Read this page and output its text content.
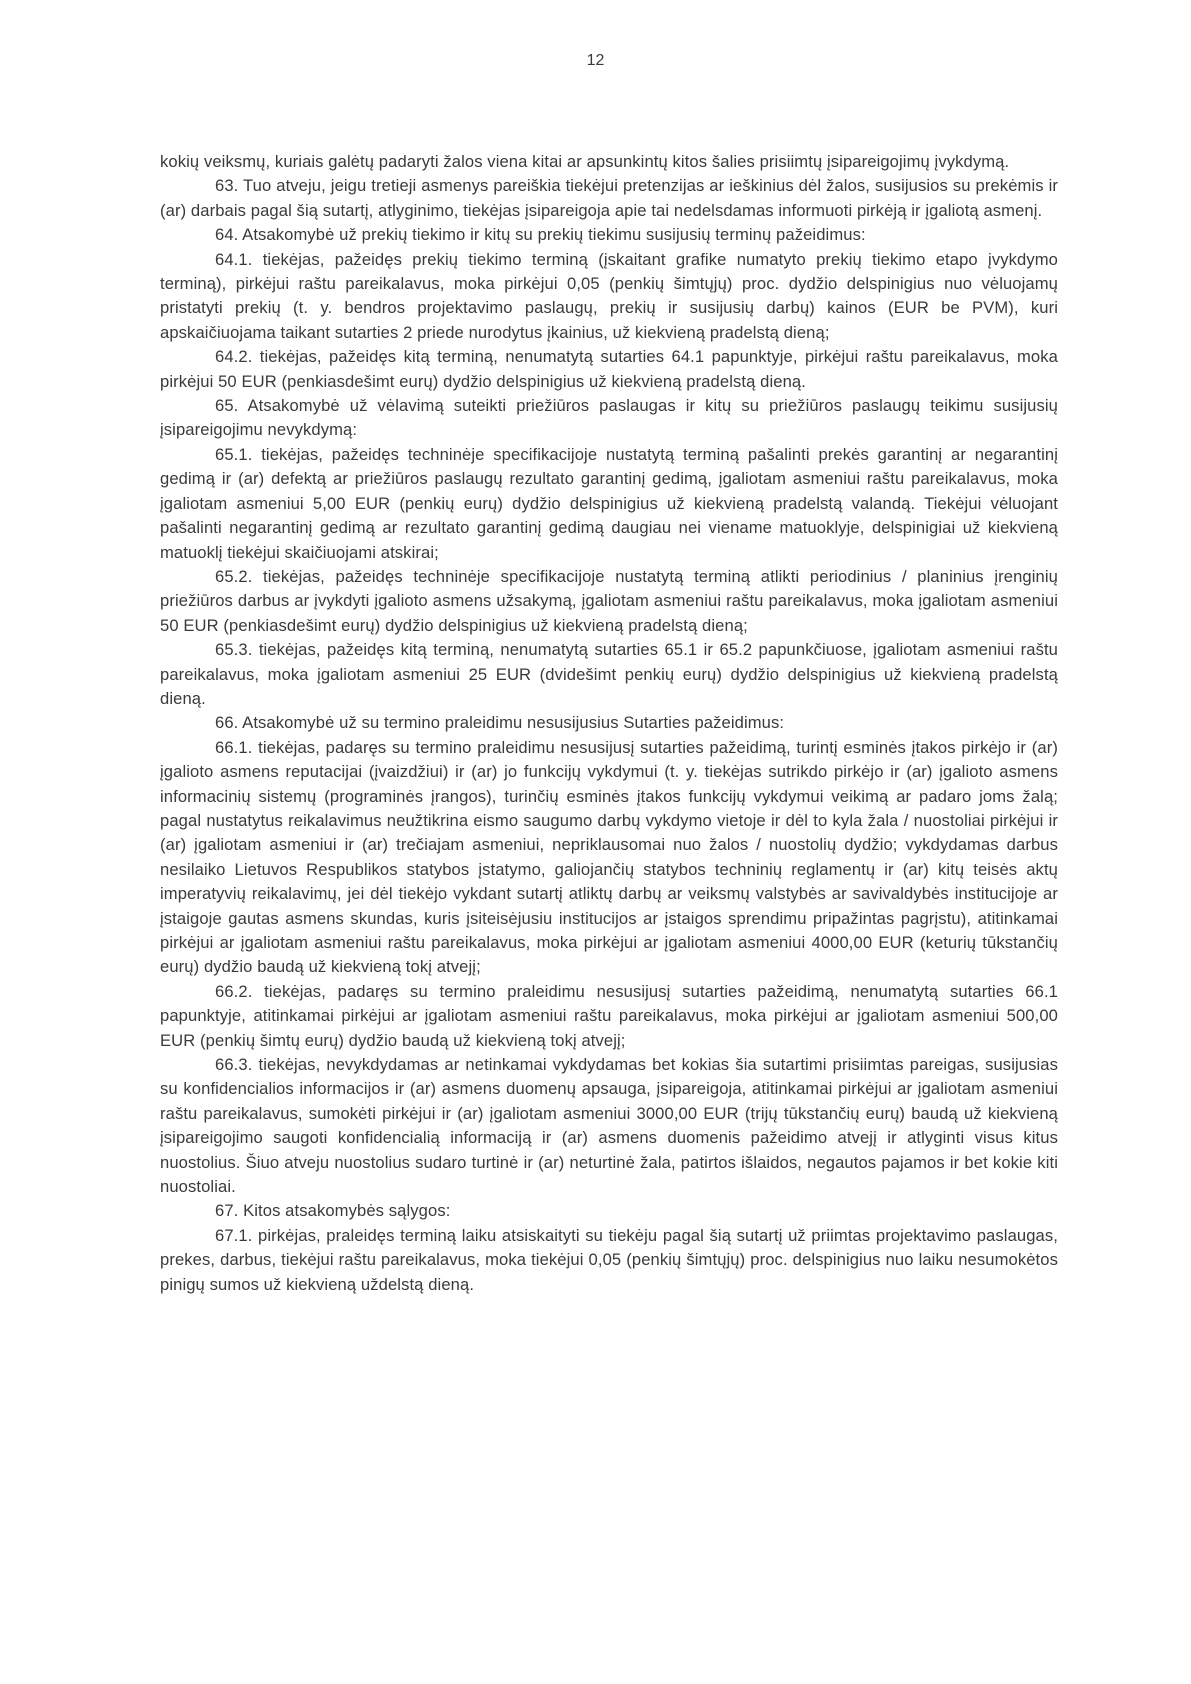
12

kokių veiksmų, kuriais galėtų padaryti žalos viena kitai ar apsunkintų kitos šalies prisiimtų įsipareigojimų įvykdymą.

63. Tuo atveju, jeigu tretieji asmenys pareiškia tiekėjui pretenzijas ar ieškinius dėl žalos, susijusios su prekėmis ir (ar) darbais pagal šią sutartį, atlyginimo, tiekėjas įsipareigoja apie tai nedelsdamas informuoti pirkėją ir įgaliotą asmenį.

64. Atsakomybė už prekių tiekimo ir kitų su prekių tiekimu susijusių terminų pažeidimus:

64.1. tiekėjas, pažeidęs prekių tiekimo terminą (įskaitant grafike numatyto prekių tiekimo etapo įvykdymo terminą), pirkėjui raštu pareikalavus, moka pirkėjui 0,05 (penkių šimtųjų) proc. dydžio delspinigius nuo vėluojamų pristatyti prekių (t. y. bendros projektavimo paslaugų, prekių ir susijusių darbų) kainos (EUR be PVM), kuri apskaičiuojama taikant sutarties 2 priede nurodytus įkainius, už kiekvieną pradelstą dieną;

64.2. tiekėjas, pažeidęs kitą terminą, nenumatytą sutarties 64.1 papunktyje, pirkėjui raštu pareikalavus, moka pirkėjui 50 EUR (penkiasdešimt eurų) dydžio delspinigius už kiekvieną pradelstą dieną.

65. Atsakomybė už vėlavimą suteikti priežiūros paslaugas ir kitų su priežiūros paslaugų teikimu susijusių įsipareigojimu nevykdymą:

65.1. tiekėjas, pažeidęs techninėje specifikacijoje nustatytą terminą pašalinti prekės garantinį ar negarantinį gedimą ir (ar) defektą ar priežiūros paslaugų rezultato garantinį gedimą, įgaliotam asmeniui raštu pareikalavus, moka įgaliotam asmeniui 5,00 EUR (penkių eurų) dydžio delspinigius už kiekvieną pradelstą valandą. Tiekėjui vėluojant pašalinti negarantinį gedimą ar rezultato garantinį gedimą daugiau nei viename matuoklyje, delspinigiai už kiekvieną matuoklį tiekėjui skaičiuojami atskirai;

65.2. tiekėjas, pažeidęs techninėje specifikacijoje nustatytą terminą atlikti periodinius / planinius įrenginių priežiūros darbus ar įvykdyti įgalioto asmens užsakymą, įgaliotam asmeniui raštu pareikalavus, moka įgaliotam asmeniui 50 EUR (penkiasdešimt eurų) dydžio delspinigius už kiekvieną pradelstą dieną;

65.3. tiekėjas, pažeidęs kitą terminą, nenumatytą sutarties 65.1 ir 65.2 papunkčiuose, įgaliotam asmeniui raštu pareikalavus, moka įgaliotam asmeniui 25 EUR (dvidešimt penkių eurų) dydžio delspinigius už kiekvieną pradelstą dieną.

66. Atsakomybė už su termino praleidimu nesusijusius Sutarties pažeidimus:

66.1. tiekėjas, padaręs su termino praleidimu nesusijusį sutarties pažeidimą, turintį esminės įtakos pirkėjo ir (ar) įgalioto asmens reputacijai (įvaizdžiui) ir (ar) jo funkcijų vykdymui (t. y. tiekėjas sutrikdo pirkėjo ir (ar) įgalioto asmens informacinių sistemų (programinės įrangos), turinčių esminės įtakos funkcijų vykdymui veikimą ar padaro joms žalą; pagal nustatytus reikalavimus neužtikrina eismo saugumo darbų vykdymo vietoje ir dėl to kyla žala / nuostoliai pirkėjui ir (ar) įgaliotam asmeniui ir (ar) trečiajam asmeniui, nepriklausomai nuo žalos / nuostolių dydžio; vykdydamas darbus nesilaiko Lietuvos Respublikos statybos įstatymo, galiojančių statybos techninių reglamentų ir (ar) kitų teisės aktų imperatyvių reikalavimų, jei dėl tiekėjo vykdant sutartį atliktų darbų ar veiksmų valstybės ar savivaldybės institucijoje ar įstaigoje gautas asmens skundas, kuris įsiteisėjusiu institucijos ar įstaigos sprendimu pripažintas pagrįstu), atitinkamai pirkėjui ar įgaliotam asmeniui raštu pareikalavus, moka pirkėjui ar įgaliotam asmeniui 4000,00 EUR (keturių tūkstančių eurų) dydžio baudą už kiekvieną tokį atvejį;

66.2. tiekėjas, padaręs su termino praleidimu nesusijusį sutarties pažeidimą, nenumatytą sutarties 66.1 papunktyje, atitinkamai pirkėjui ar įgaliotam asmeniui raštu pareikalavus, moka pirkėjui ar įgaliotam asmeniui 500,00 EUR (penkių šimtų eurų) dydžio baudą už kiekvieną tokį atvejį;

66.3. tiekėjas, nevykdydamas ar netinkamai vykdydamas bet kokias šia sutartimi prisiimtas pareigas, susijusias su konfidencialios informacijos ir (ar) asmens duomenų apsauga, įsipareigoja, atitinkamai pirkėjui ar įgaliotam asmeniui raštu pareikalavus, sumokėti pirkėjui ir (ar) įgaliotam asmeniui 3000,00 EUR (trijų tūkstančių eurų) baudą už kiekvieną įsipareigojimo saugoti konfidencialią informaciją ir (ar) asmens duomenis pažeidimo atvejį ir atlyginti visus kitus nuostolius. Šiuo atveju nuostolius sudaro turtinė ir (ar) neturtinė žala, patirtos išlaidos, negautos pajamos ir bet kokie kiti nuostoliai.

67. Kitos atsakomybės sąlygos:

67.1. pirkėjas, praleidęs terminą laiku atsiskaityti su tiekėju pagal šią sutartį už priimtas projektavimo paslaugas, prekes, darbus, tiekėjui raštu pareikalavus, moka tiekėjui 0,05 (penkių šimtųjų) proc. delspinigius nuo laiku nesumokėtos pinigų sumos už kiekvieną uždelstą dieną.
